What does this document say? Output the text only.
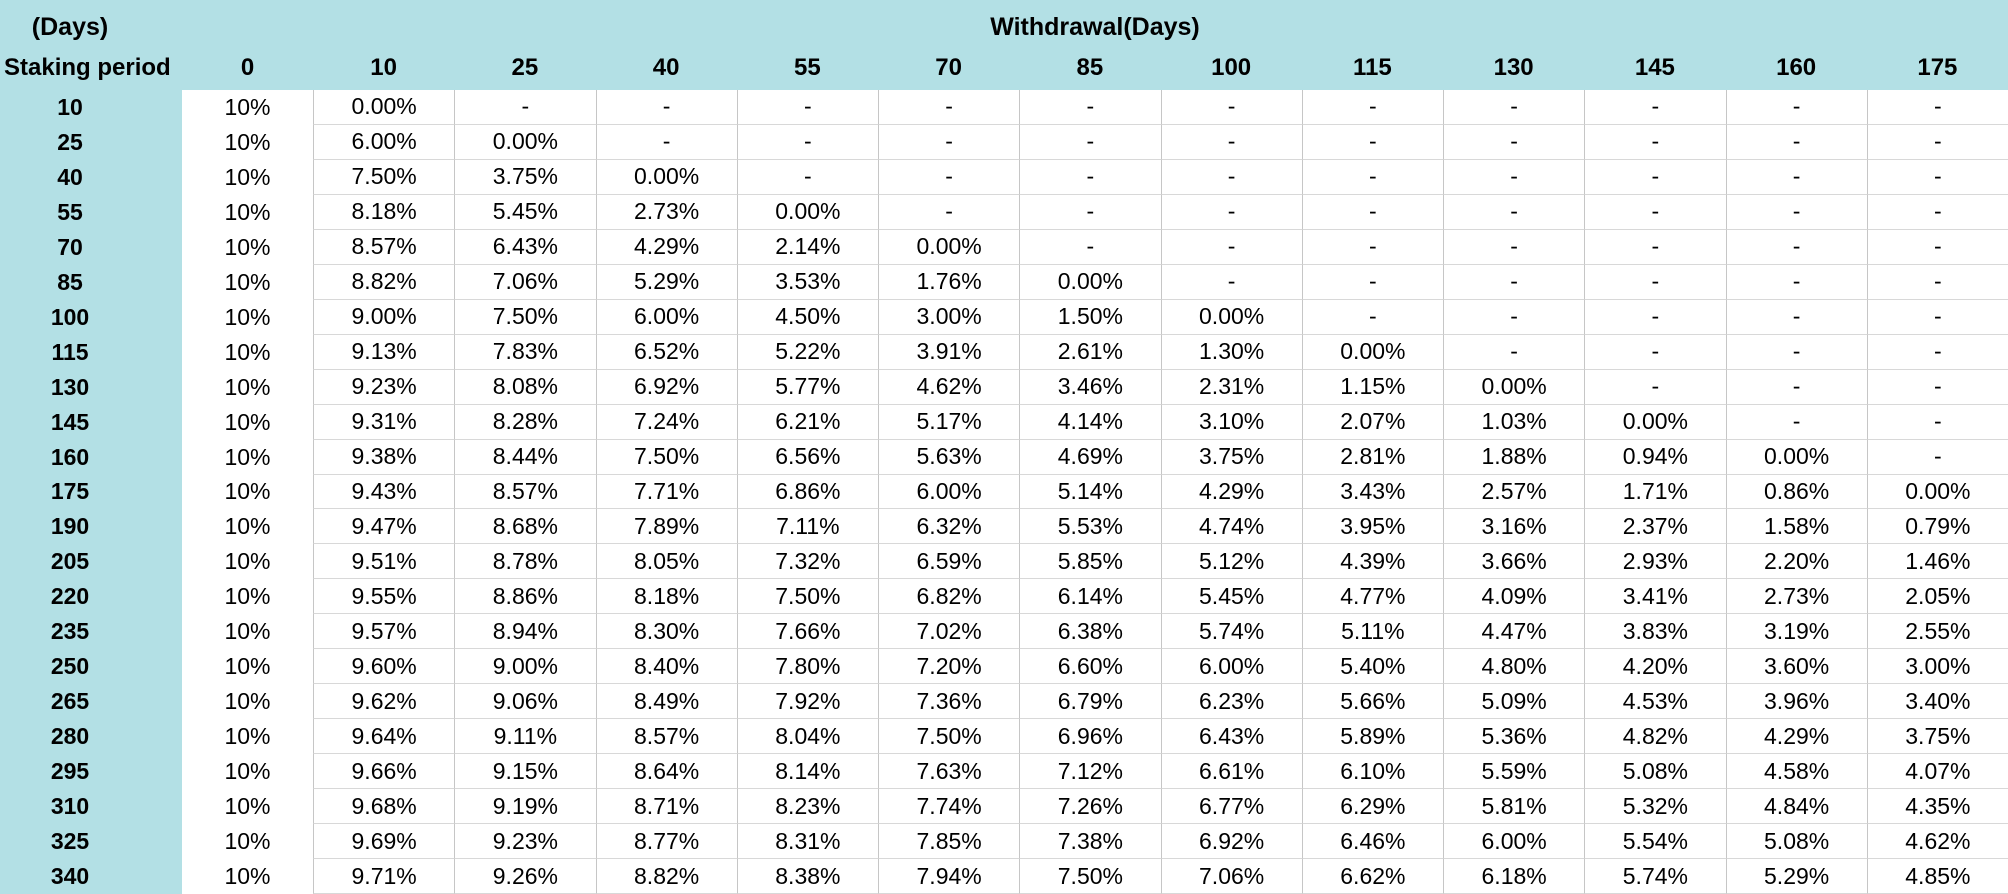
(Days)	Withdrawal(Days)
Staking period	0	10	25	40	55	70	85	100	115	130	145	160	175
10	10%	0.00%	-	-	-	-	-	-	-	-	-	-	-
25	10%	6.00%	0.00%	-	-	-	-	-	-	-	-	-	-
40	10%	7.50%	3.75%	0.00%	-	-	-	-	-	-	-	-	-
55	10%	8.18%	5.45%	2.73%	0.00%	-	-	-	-	-	-	-	-
70	10%	8.57%	6.43%	4.29%	2.14%	0.00%	-	-	-	-	-	-	-
85	10%	8.82%	7.06%	5.29%	3.53%	1.76%	0.00%	-	-	-	-	-	-
100	10%	9.00%	7.50%	6.00%	4.50%	3.00%	1.50%	0.00%	-	-	-	-	-
115	10%	9.13%	7.83%	6.52%	5.22%	3.91%	2.61%	1.30%	0.00%	-	-	-	-
130	10%	9.23%	8.08%	6.92%	5.77%	4.62%	3.46%	2.31%	1.15%	0.00%	-	-	-
145	10%	9.31%	8.28%	7.24%	6.21%	5.17%	4.14%	3.10%	2.07%	1.03%	0.00%	-	-
160	10%	9.38%	8.44%	7.50%	6.56%	5.63%	4.69%	3.75%	2.81%	1.88%	0.94%	0.00%	-
175	10%	9.43%	8.57%	7.71%	6.86%	6.00%	5.14%	4.29%	3.43%	2.57%	1.71%	0.86%	0.00%
190	10%	9.47%	8.68%	7.89%	7.11%	6.32%	5.53%	4.74%	3.95%	3.16%	2.37%	1.58%	0.79%
205	10%	9.51%	8.78%	8.05%	7.32%	6.59%	5.85%	5.12%	4.39%	3.66%	2.93%	2.20%	1.46%
220	10%	9.55%	8.86%	8.18%	7.50%	6.82%	6.14%	5.45%	4.77%	4.09%	3.41%	2.73%	2.05%
235	10%	9.57%	8.94%	8.30%	7.66%	7.02%	6.38%	5.74%	5.11%	4.47%	3.83%	3.19%	2.55%
250	10%	9.60%	9.00%	8.40%	7.80%	7.20%	6.60%	6.00%	5.40%	4.80%	4.20%	3.60%	3.00%
265	10%	9.62%	9.06%	8.49%	7.92%	7.36%	6.79%	6.23%	5.66%	5.09%	4.53%	3.96%	3.40%
280	10%	9.64%	9.11%	8.57%	8.04%	7.50%	6.96%	6.43%	5.89%	5.36%	4.82%	4.29%	3.75%
295	10%	9.66%	9.15%	8.64%	8.14%	7.63%	7.12%	6.61%	6.10%	5.59%	5.08%	4.58%	4.07%
310	10%	9.68%	9.19%	8.71%	8.23%	7.74%	7.26%	6.77%	6.29%	5.81%	5.32%	4.84%	4.35%
325	10%	9.69%	9.23%	8.77%	8.31%	7.85%	7.38%	6.92%	6.46%	6.00%	5.54%	5.08%	4.62%
340	10%	9.71%	9.26%	8.82%	8.38%	7.94%	7.50%	7.06%	6.62%	6.18%	5.74%	5.29%	4.85%
